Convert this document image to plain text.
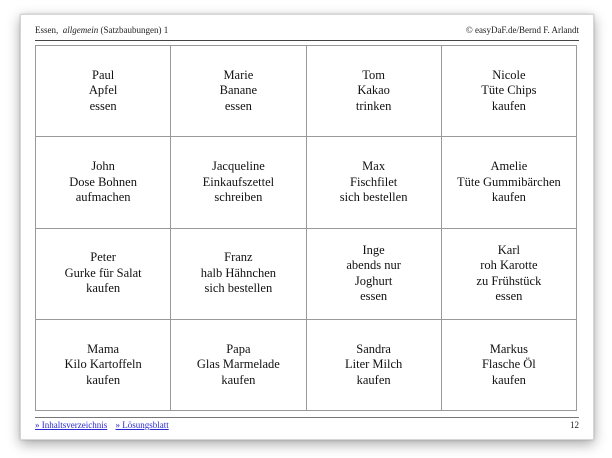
Essen, allgemein (Satzbaubungen) 1	© easyDaF.de/Bernd F. Arlandt
Paul
Apfel
essen
Marie
Banane
essen
Tom
Kakao
trinken
Nicole
Tüte Chips
kaufen
John
Dose Bohnen
aufmachen
Jacqueline
Einkaufszettel
schreiben
Max
Fischfilet
sich bestellen
Amelie
Tüte Gummibärchen
kaufen
Peter
Gurke für Salat
kaufen
Franz
halb Hähnchen
sich bestellen
Inge
abends nur
Joghurt
essen
Karl
roh Karotte
zu Frühstück
essen
Mama
Kilo Kartoffeln
kaufen
Papa
Glas Marmelade
kaufen
Sandra
Liter Milch
kaufen
Markus
Flasche Öl
kaufen
» Inhaltsverzeichnis » Lösungsblatt	12
